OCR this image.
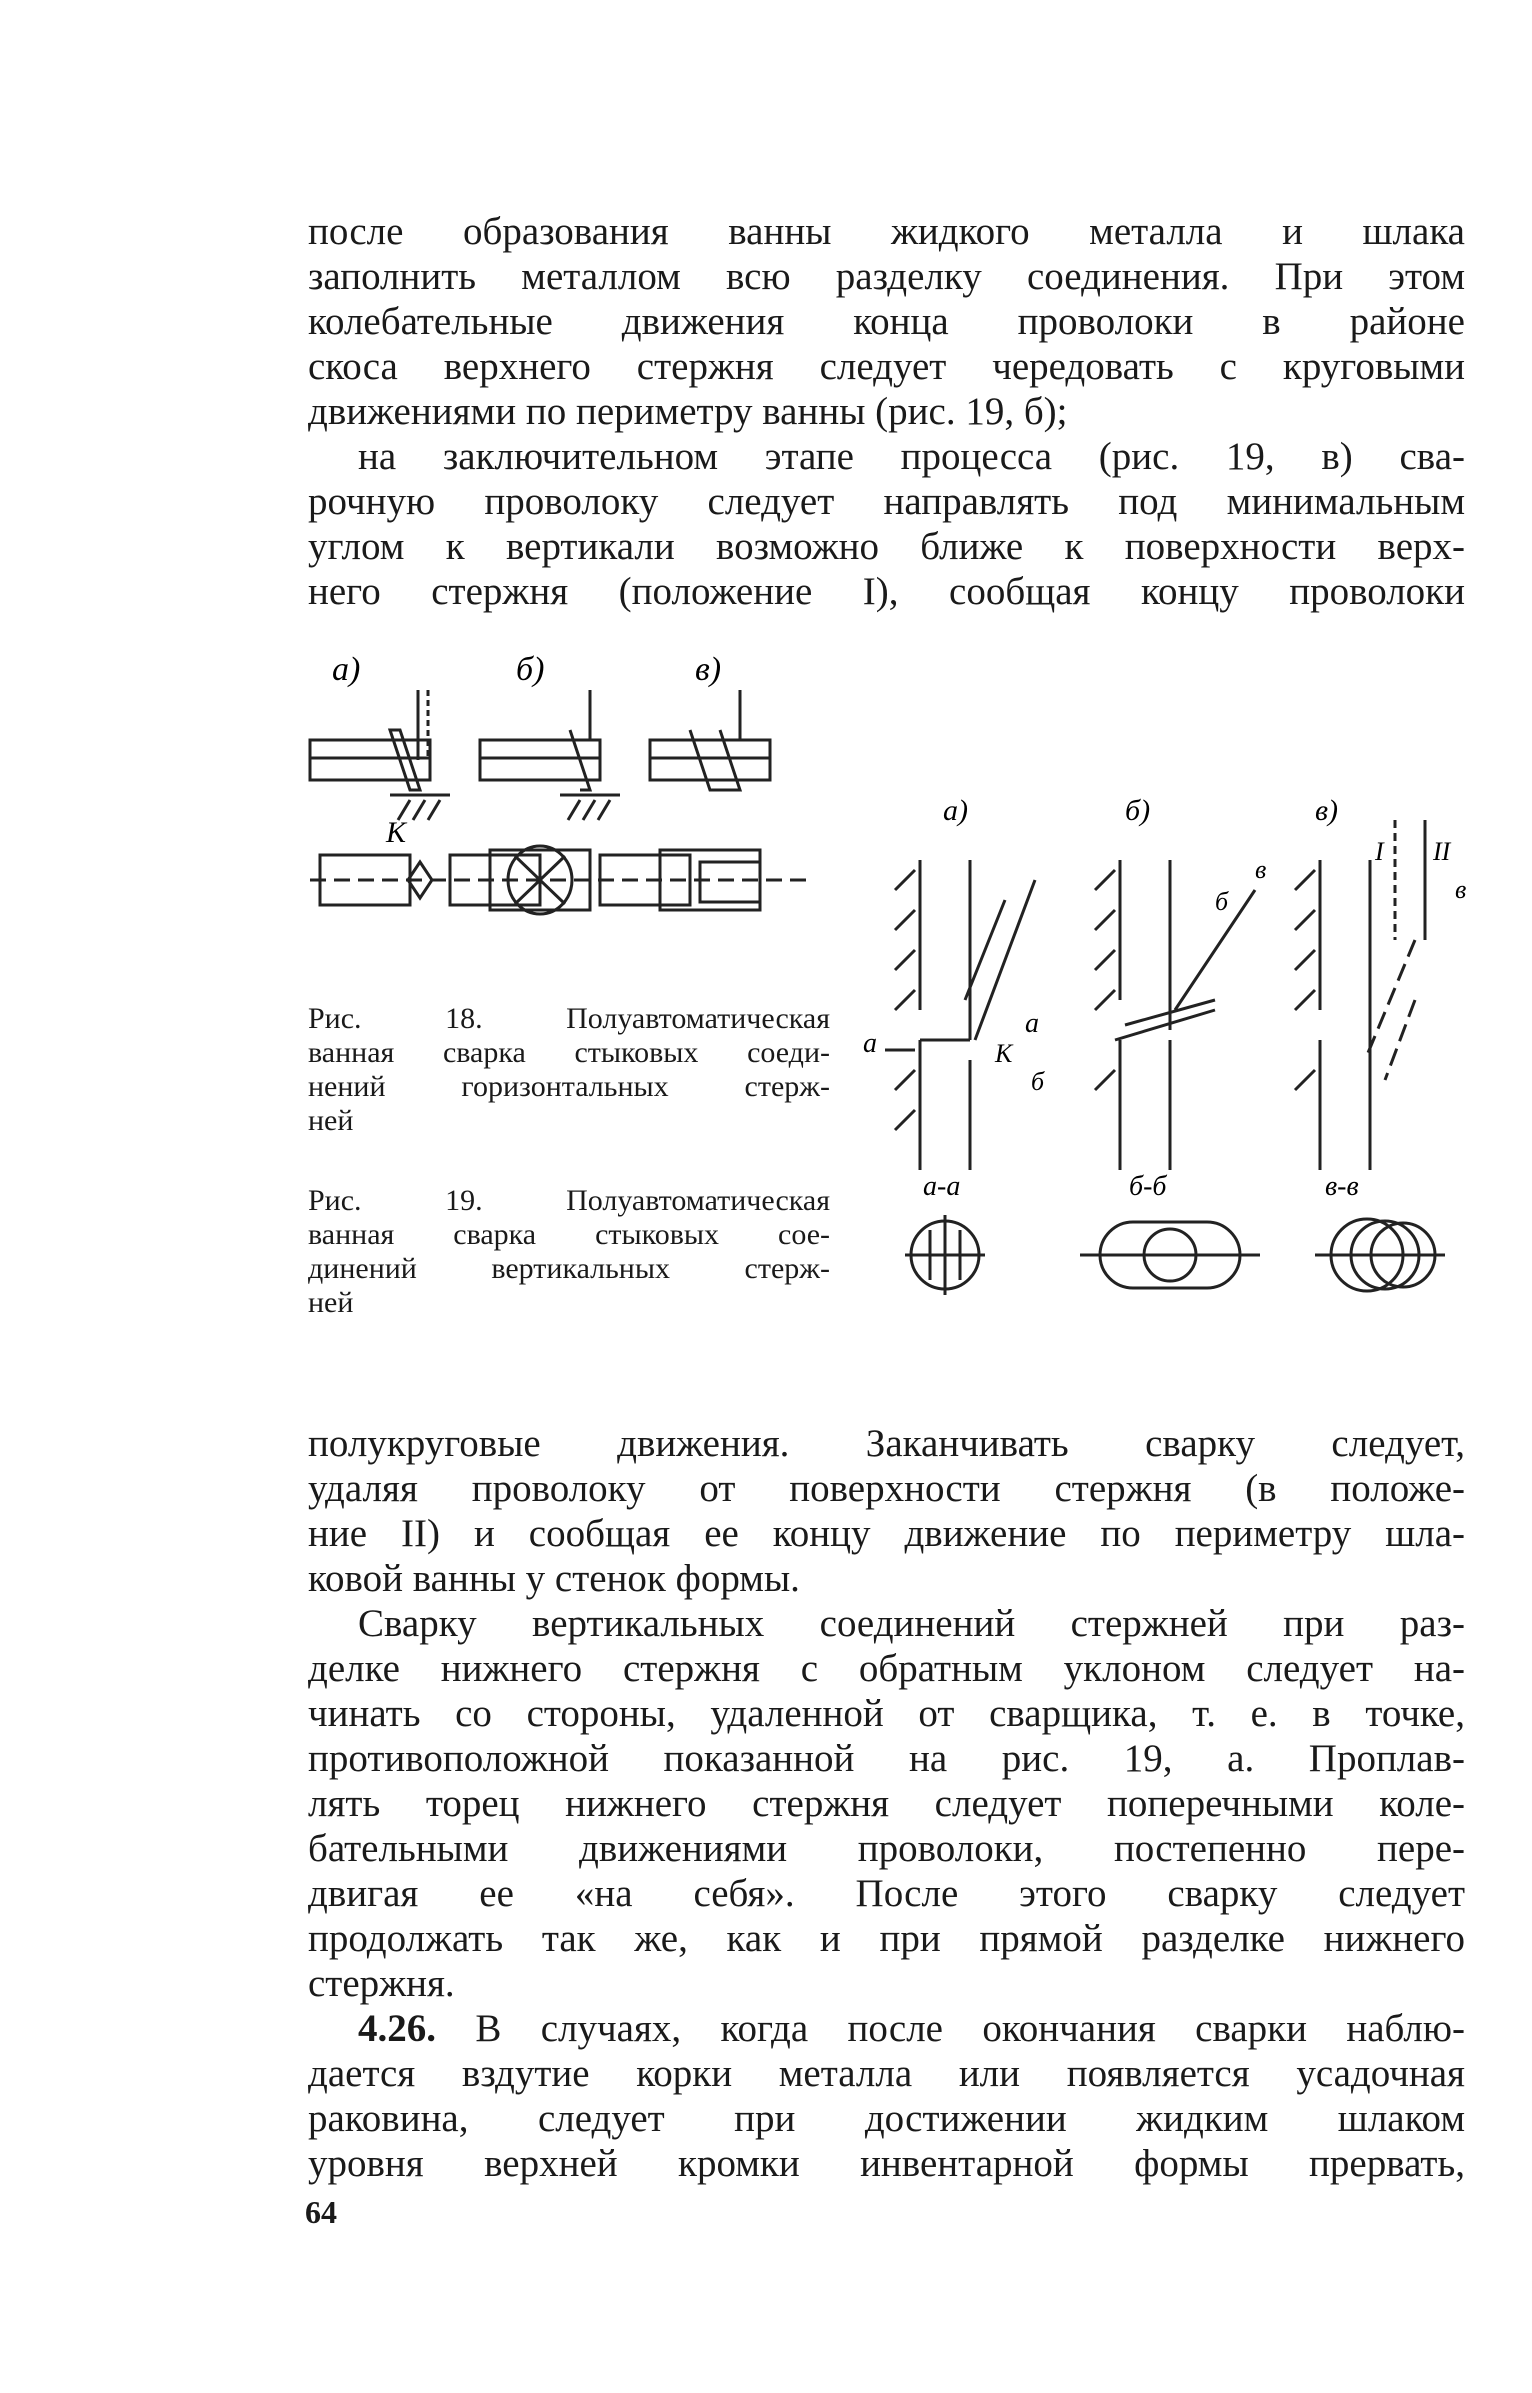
после образования ванны жидкого металла и шлака
заполнить металлом всю разделку соединения. При этом
колебательные движения конца проволоки в районе
скоса верхнего стержня следует чередовать с круговыми
движениями по периметру ванны (рис. 19, б);
на заключительном этапе процесса (рис. 19, в) сва-
рочную проволоку следует направлять под минимальным
углом к вертикали возможно ближе к поверхности верх-
него стержня (положение I), сообщая концу проволоки
а)	б)	в)
К
а)	б)	в)
а
а
К
б
б
в
в
I II
а-а	б-б	в-в
Рис. 18. Полуавтоматическая
ванная сварка стыковых соеди-
нений горизонтальных стерж-
ней
Рис. 19. Полуавтоматическая
ванная сварка стыковых сое-
динений вертикальных стерж-
ней
полукруговые движения. Заканчивать сварку следует,
удаляя проволоку от поверхности стержня (в положе-
ние II) и сообщая ее концу движение по периметру шла-
ковой ванны у стенок формы.
Сварку вертикальных соединений стержней при раз-
делке нижнего стержня с обратным уклоном следует на-
чинать со стороны, удаленной от сварщика, т. е. в точке,
противоположной показанной на рис. 19, а. Проплав-
лять торец нижнего стержня следует поперечными коле-
бательными движениями проволоки, постепенно пере-
двигая ее «на себя». После этого сварку следует
продолжать так же, как и при прямой разделке нижнего
стержня.
4.26. В случаях, когда после окончания сварки наблю-
дается вздутие корки металла или появляется усадочная
раковина, следует при достижении жидким шлаком
уровня верхней кромки инвентарной формы прервать,
64
